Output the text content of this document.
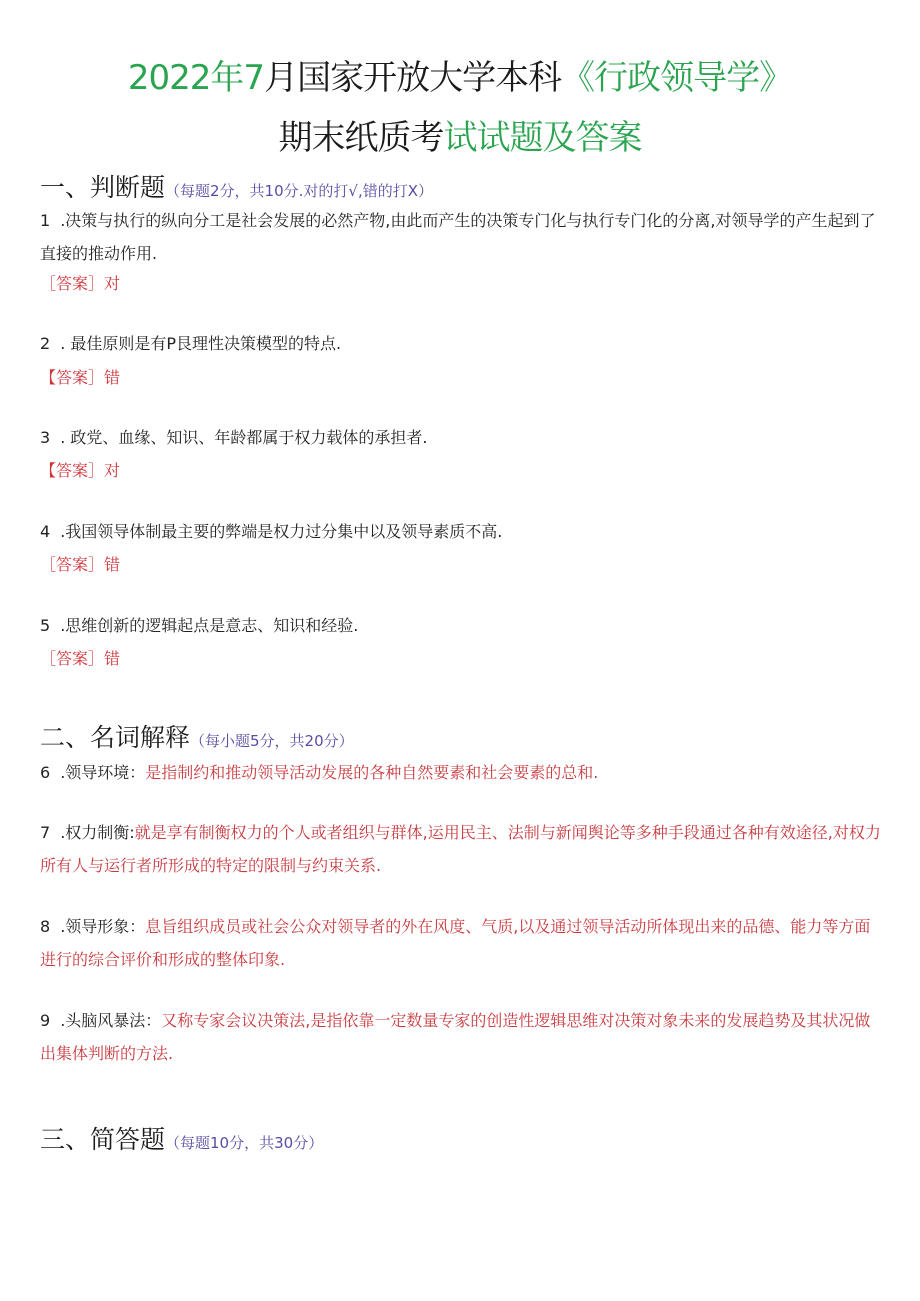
2022年7月国家开放大学本科《行政领导学》
期末纸质考试试题及答案
一、判断题（每题2分，共10分.对的打√,错的打X）
1 .决策与执行的纵向分工是社会发展的必然产物,由此而产生的决策专门化与执行专门化的分离,对领导学的产生起到了直接的推动作用.
［答案］对
2 . 最佳原则是有P艮理性决策模型的特点.
【答案］错
3 . 政党、血缘、知识、年龄都属于权力载体的承担者.
【答案］对
4 .我国领导体制最主要的弊端是权力过分集中以及领导素质不高.
［答案］错
5 .思维创新的逻辑起点是意志、知识和经验.
［答案］错
二、名词解释（每小题5分，共20分）
6 .领导环境：是指制约和推动领导活动发展的各种自然要素和社会要素的总和.
7 .权力制衡:就是享有制衡权力的个人或者组织与群体,运用民主、法制与新闻舆论等多种手段通过各种有效途径,对权力所有人与运行者所形成的特定的限制与约束关系.
8 .领导形象：息旨组织成员或社会公众对领导者的外在风度、气质,以及通过领导活动所体现出来的品德、能力等方面进行的综合评价和形成的整体印象.
9 .头脑风暴法：又称专家会议决策法,是指依靠一定数量专家的创造性逻辑思维对决策对象未来的发展趋势及其状况做出集体判断的方法.
三、简答题（每题10分，共30分）
